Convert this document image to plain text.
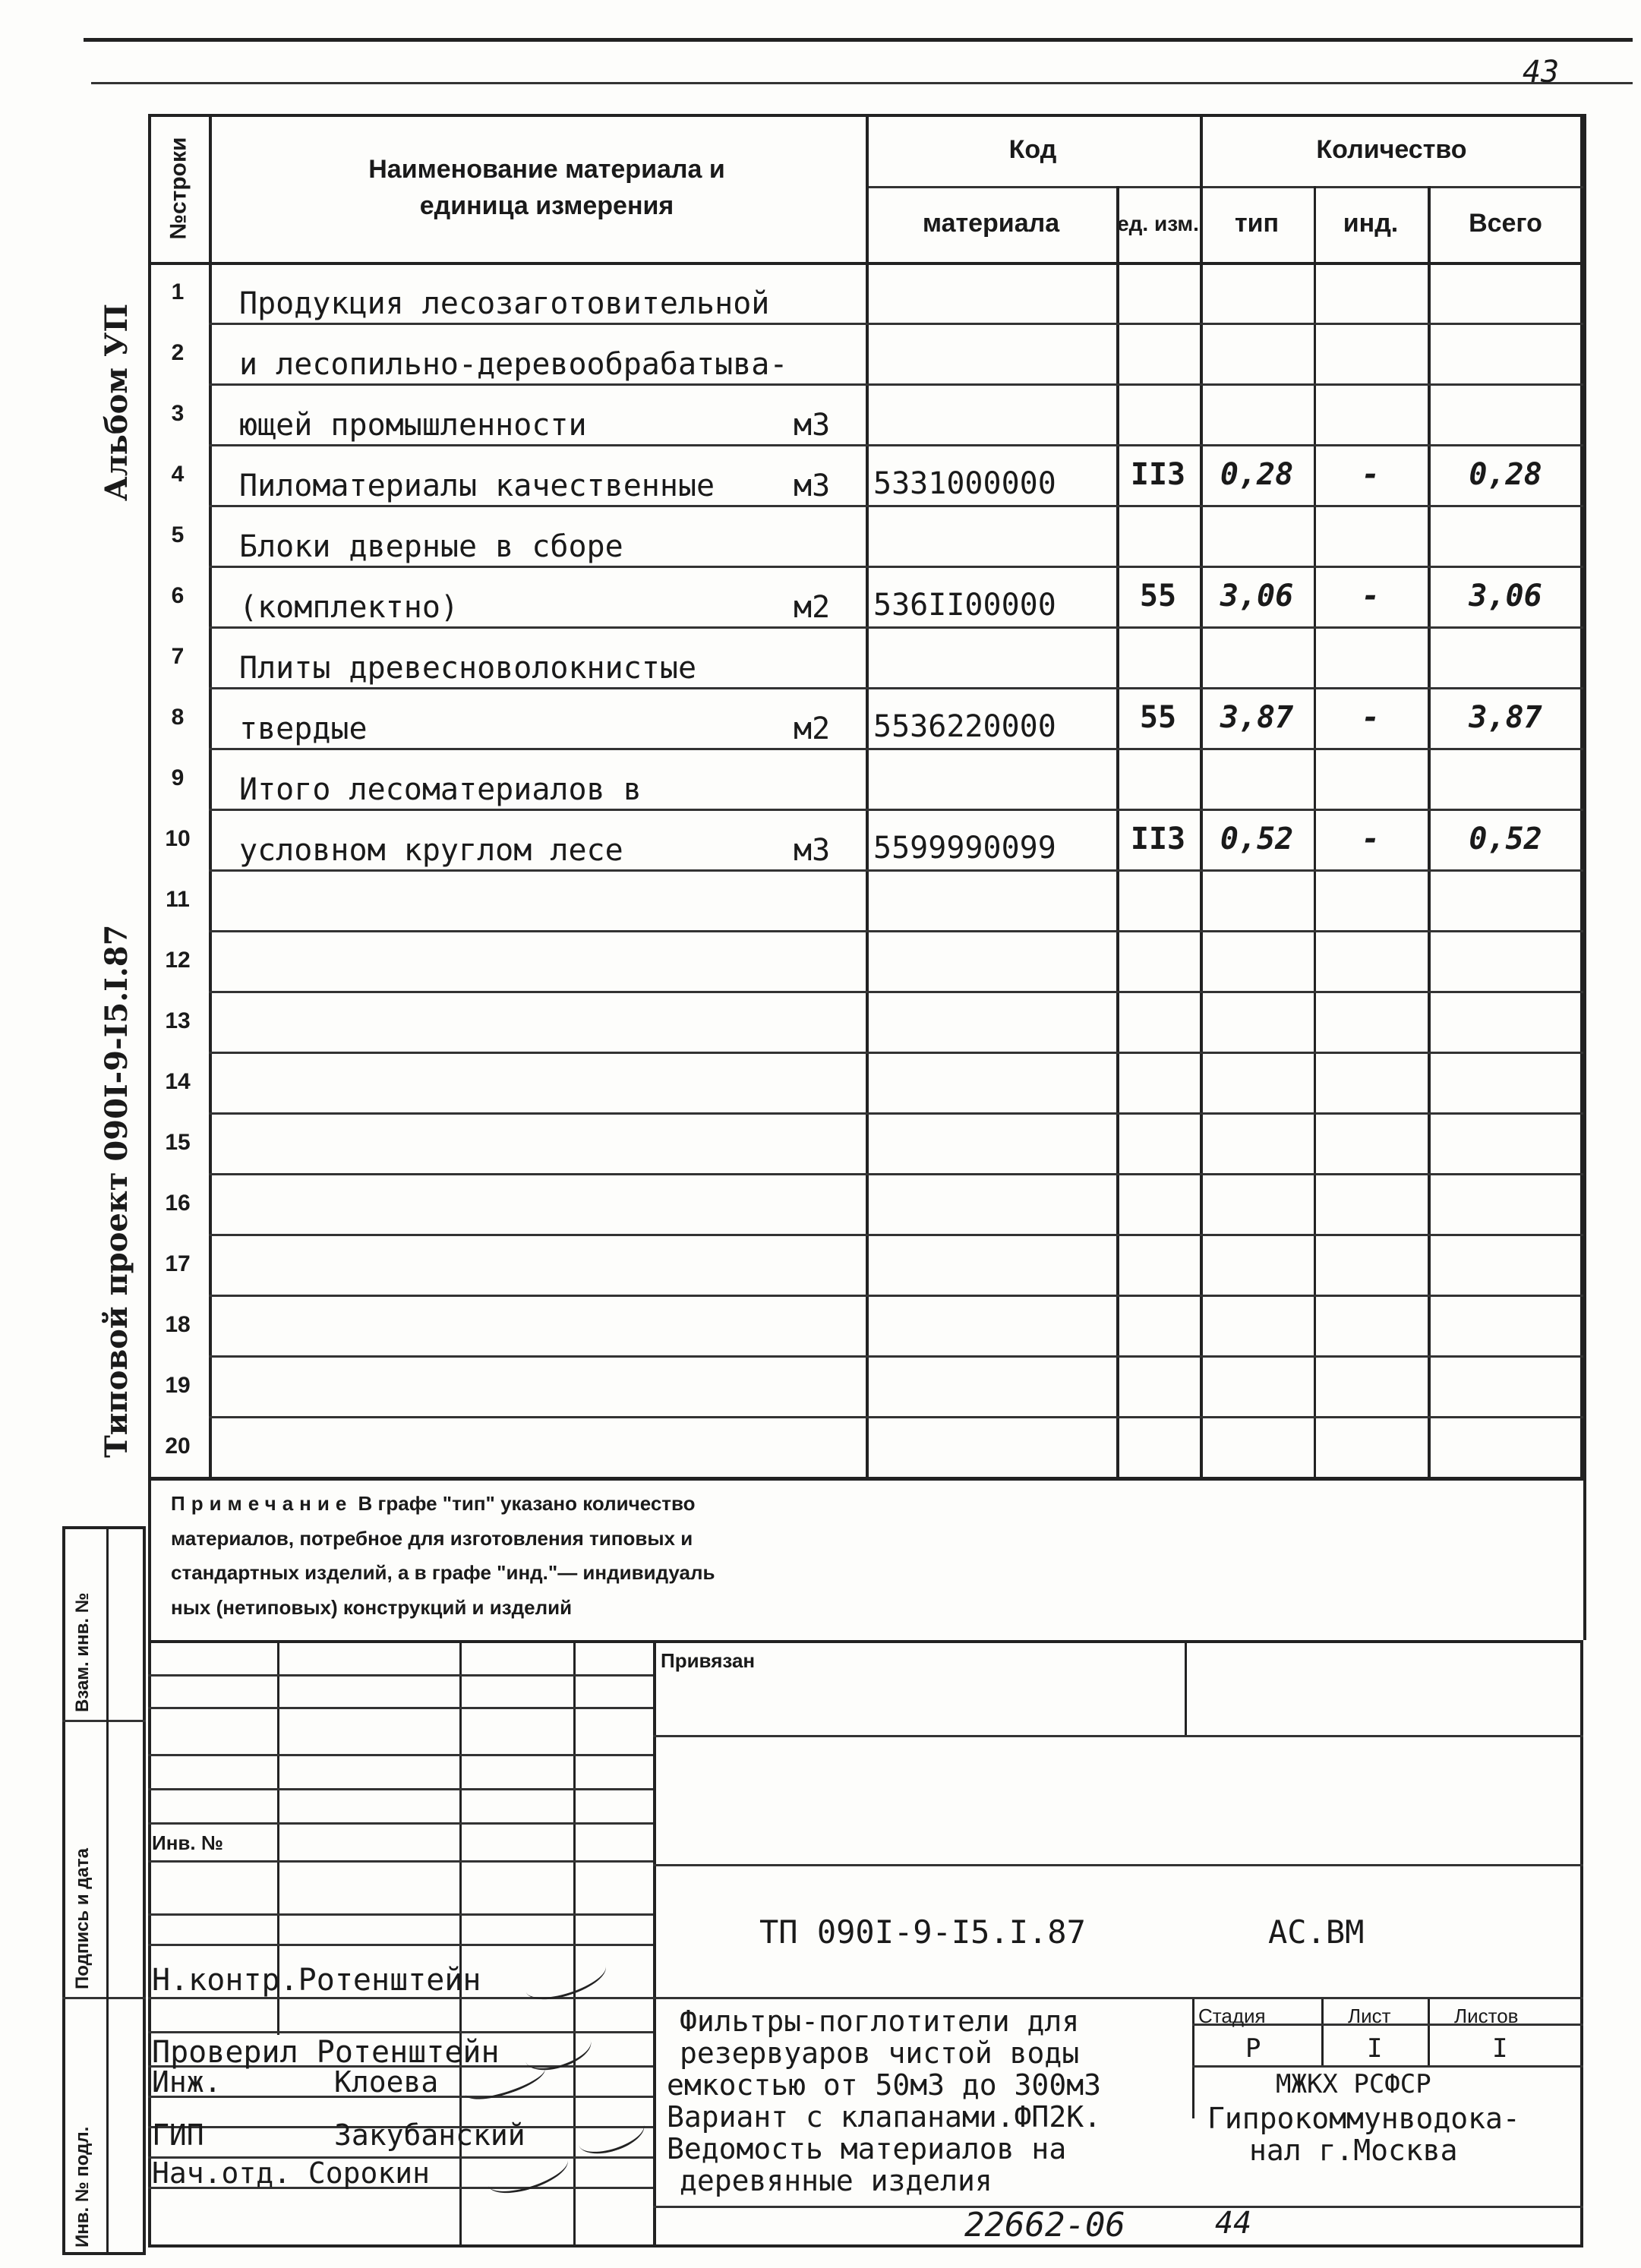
43
Альбом УП
Типовой проект 090I-9-I5.I.87
Взам. инв. №
Подпись и дата
Инв. № подл.
№строки	Наименование материала и единица измерения
Код	Количество
материала	ед. изм.	тип	инд.	Всего
1	Продукция лесозаготовительной
2	и лесопильно-деревообрабатыва-
3	ющей промышленности	м3
4	Пиломатериалы качественные	м3 5331000000	II3	0,28	-	0,28
5	Блоки дверные в сборе
6	(комплектно)	м2 536II00000	55	3,06	-	3,06
7	Плиты древесноволокнистые
8	твердые	м2 5536220000	55	3,87	-	3,87
9	Итого лесоматериалов в
10	условном круглом лесе	м3 5599990099	II3	0,52	-	0,52
11
12
13
14
15
16
17
18
19
20
Примечание В графе "тип" указано количество
материалов, потребное для изготовления типовых и
стандартных изделий, а в графе "инд."— индивидуаль
ных (нетиповых) конструкций и изделий
Привязан
Инв. №
ТП 090I-9-I5.I.87	АС.ВМ
Н.контр.Ротенштейн
Проверил Ротенштейн
Инж.	Клоева
ГИП	Закубанский
Нач.отд. Сорокин
Фильтры-поглотители для
резервуаров чистой воды
емкостью от 50м3 до 300м3
Вариант с клапанами.ФП2К.
Ведомость материалов на
деревянные изделия
Стадия	Лист	Листов
Р	I	I
МЖКХ РСФСР
Гипрокоммунводока-
нал г.Москва
22662-06	44
